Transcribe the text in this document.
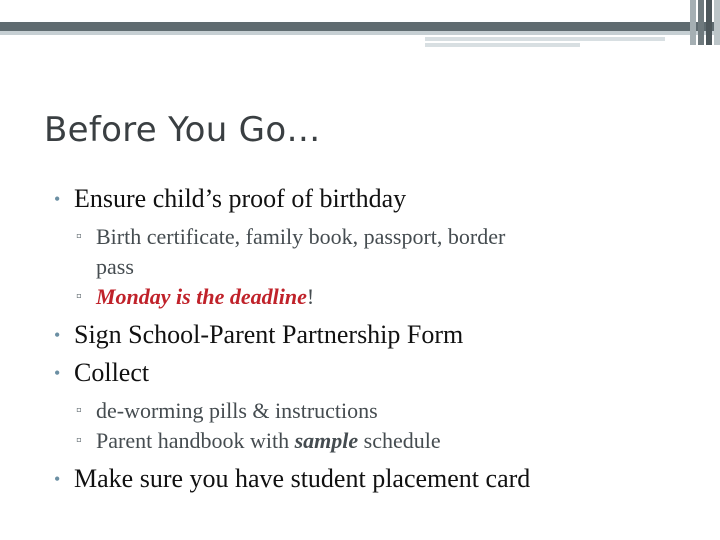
Before You Go…
• Ensure child’s proof of birthday
▫ Birth certificate, family book, passport, border
pass
▫ Monday is the deadline!
• Sign School-Parent Partnership Form
• Collect
▫ de-worming pills & instructions
▫ Parent handbook with sample schedule
• Make sure you have student placement card
